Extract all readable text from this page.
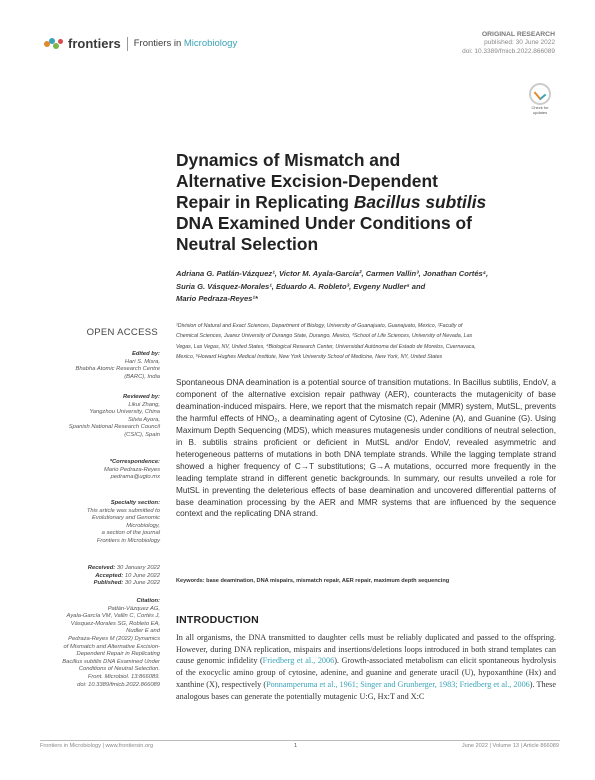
frontiers Frontiers in Microbiology
ORIGINAL RESEARCH
published: 30 June 2022
doi: 10.3389/fmicb.2022.866089
Check for
updates
Dynamics of Mismatch and
Alternative Excision-Dependent
Repair in Replicating Bacillus subtilis
DNA Examined Under Conditions of
Neutral Selection
Adriana G. Patlán-Vázquez¹, Victor M. Ayala-García², Carmen Vallin³, Jonathan Cortés⁴,
Suria G. Vásquez-Morales¹, Eduardo A. Robleto³, Evgeny Nudler⁵ and
Mario Pedraza-Reyes¹*
¹Division of Natural and Exact Sciences, Department of Biology, University of Guanajuato, Guanajuato, Mexico, ²Faculty of
Chemical Sciences, Juarez University of Durango State, Durango, Mexico, ³School of Life Sciences, University of Nevada, Las
Vegas, Las Vegas, NV, United States, ⁴Biological Research Center, Universidad Autónoma del Estado de Morelos, Cuernavaca,
Mexico, ⁵Howard Hughes Medical Institute, New York University School of Medicine, New York, NY, United States
OPEN ACCESS
Edited by:
Hari S. Misra,
Bhabha Atomic Research Centre
(BARC), India
Reviewed by:
Likui Zhang,
Yangzhou University, China
Silvia Ayora,
Spanish National Research Council
(CSIC), Spain
*Correspondence:
Mario Pedraza-Reyes
pedrama@ugto.mx
Specialty section:
This article was submitted to
Evolutionary and Genomic
Microbiology,
a section of the journal
Frontiers in Microbiology
Received: 30 January 2022
Accepted: 10 June 2022
Published: 30 June 2022
Citation:
Patlán-Vázquez AG,
Ayala-García VM, Vallin C, Cortés J,
Vásquez-Morales SG, Robleto EA,
Nudler E and
Pedraza-Reyes M (2022) Dynamics
of Mismatch and Alternative Excision-
Dependent Repair in Replicating
Bacillus subtilis DNA Examined Under
Conditions of Neutral Selection.
Front. Microbiol. 13:866089.
doi: 10.3389/fmicb.2022.866089
Spontaneous DNA deamination is a potential source of transition mutations. In Bacillus subtilis, EndoV, a component of the alternative excision repair pathway (AER), counteracts the mutagenicity of base deamination-induced mispairs. Here, we report that the mismatch repair (MMR) system, MutSL, prevents the harmful effects of HNO₂, a deaminating agent of Cytosine (C), Adenine (A), and Guanine (G). Using Maximum Depth Sequencing (MDS), which measures mutagenesis under conditions of neutral selection, in B. subtilis strains proficient or deficient in MutSL and/or EndoV, revealed asymmetric and heterogeneous patterns of mutations in both DNA template strands. While the lagging template strand showed a higher frequency of C→T substitutions; G→A mutations, occurred more frequently in the leading template strand in different genetic backgrounds. In summary, our results unveiled a role for MutSL in preventing the deleterious effects of base deamination and uncovered differential patterns of base deamination processing by the AER and MMR systems that are influenced by the sequence context and the replicating DNA strand.
Keywords: base deamination, DNA mispairs, mismatch repair, AER repair, maximum depth sequencing
INTRODUCTION
In all organisms, the DNA transmitted to daughter cells must be reliably duplicated and passed to the offspring. However, during DNA replication, mispairs and insertions/deletions loops introduced in both strand templates can cause genomic infidelity (Friedberg et al., 2006). Growth-associated metabolism can elicit spontaneous hydrolysis of the exocyclic amino group of cytosine, adenine, and guanine and generate uracil (U), hypoxanthine (Hx) and xanthine (X), respectively (Ponnamperuma et al., 1961; Singer and Grunberger, 1983; Friedberg et al., 2006). These analogous bases can generate the potentially mutagenic U:G, Hx:T and X:C
Frontiers in Microbiology | www.frontiersin.org	1	June 2022 | Volume 13 | Article 866089
